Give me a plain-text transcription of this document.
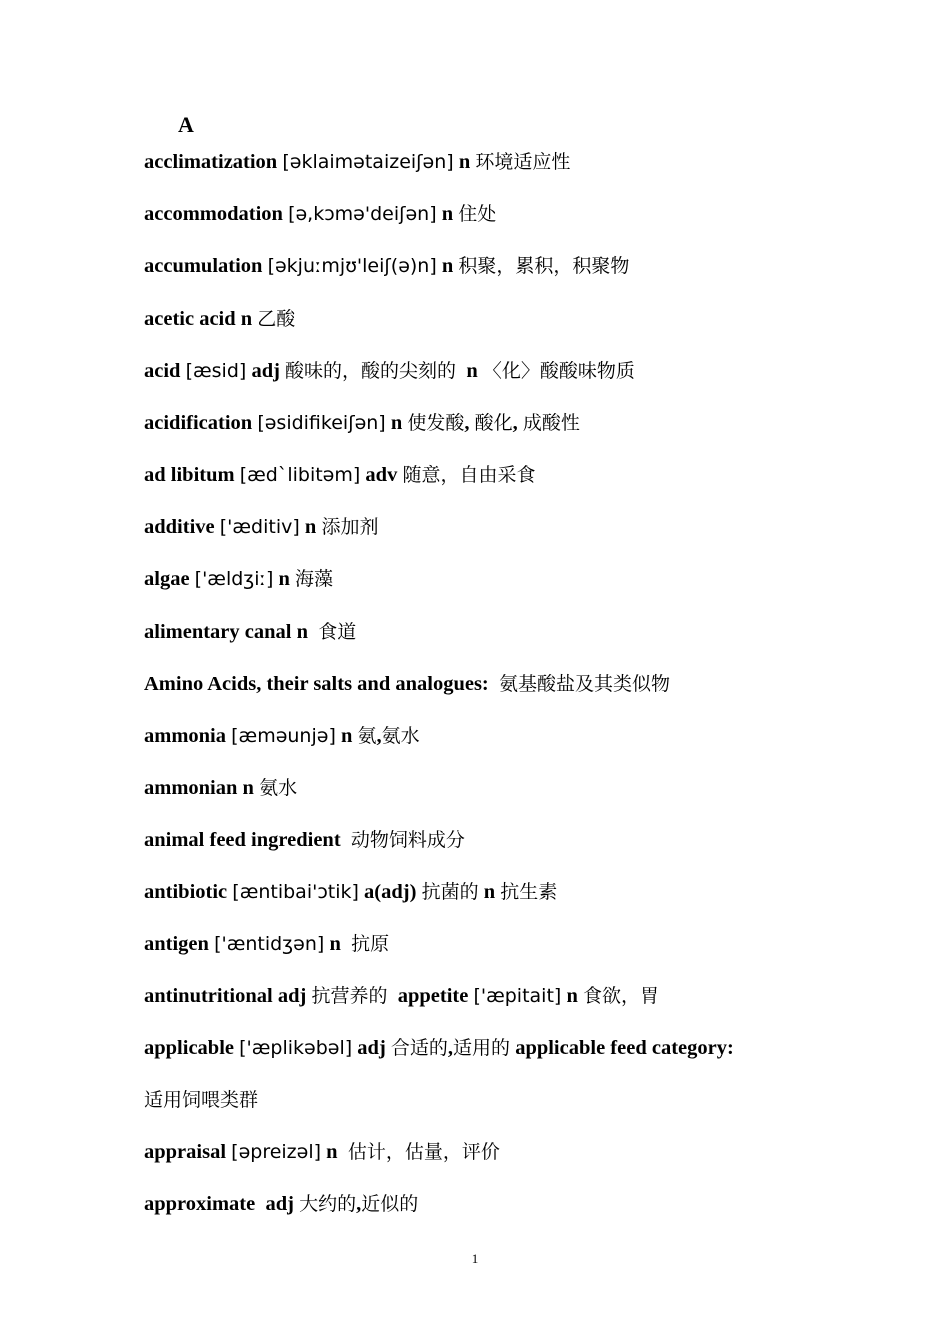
A
acclimatization [əklaimətaizeiʃən] n 环境适应性
accommodation [ə,kɔmə'deiʃən] n 住处
accumulation [əkjuːmjʊ'leiʃ(ə)n] n 积聚，累积，积聚物
acetic acid n 乙酸
acid [æsid] adj 酸味的，酸的尖刻的 n 〈化〉酸酸味物质
acidification [əsidifikeiʃən] n 使发酸, 酸化, 成酸性
ad libitum [æd`libitəm] adv 随意，自由采食
additive ['æditiv] n 添加剂
algae ['ældʒiː] n 海藻
alimentary canal n 食道
Amino Acids, their salts and analogues: 氨基酸盐及其类似物
ammonia [æməunjə] n 氨,氨水
ammonian n 氨水
animal feed ingredient 动物饲料成分
antibiotic [æntibai'ɔtik] a(adj) 抗菌的 n 抗生素
antigen ['æntidʒən] n 抗原
antinutritional adj 抗营养的 appetite ['æpitait] n 食欲，胃
applicable ['æplikəbəl] adj 合适的,适用的 applicable feed category:
适用饲喂类群
appraisal [əpreizəl] n 估计，估量，评价
approximate adj 大约的,近似的
1
